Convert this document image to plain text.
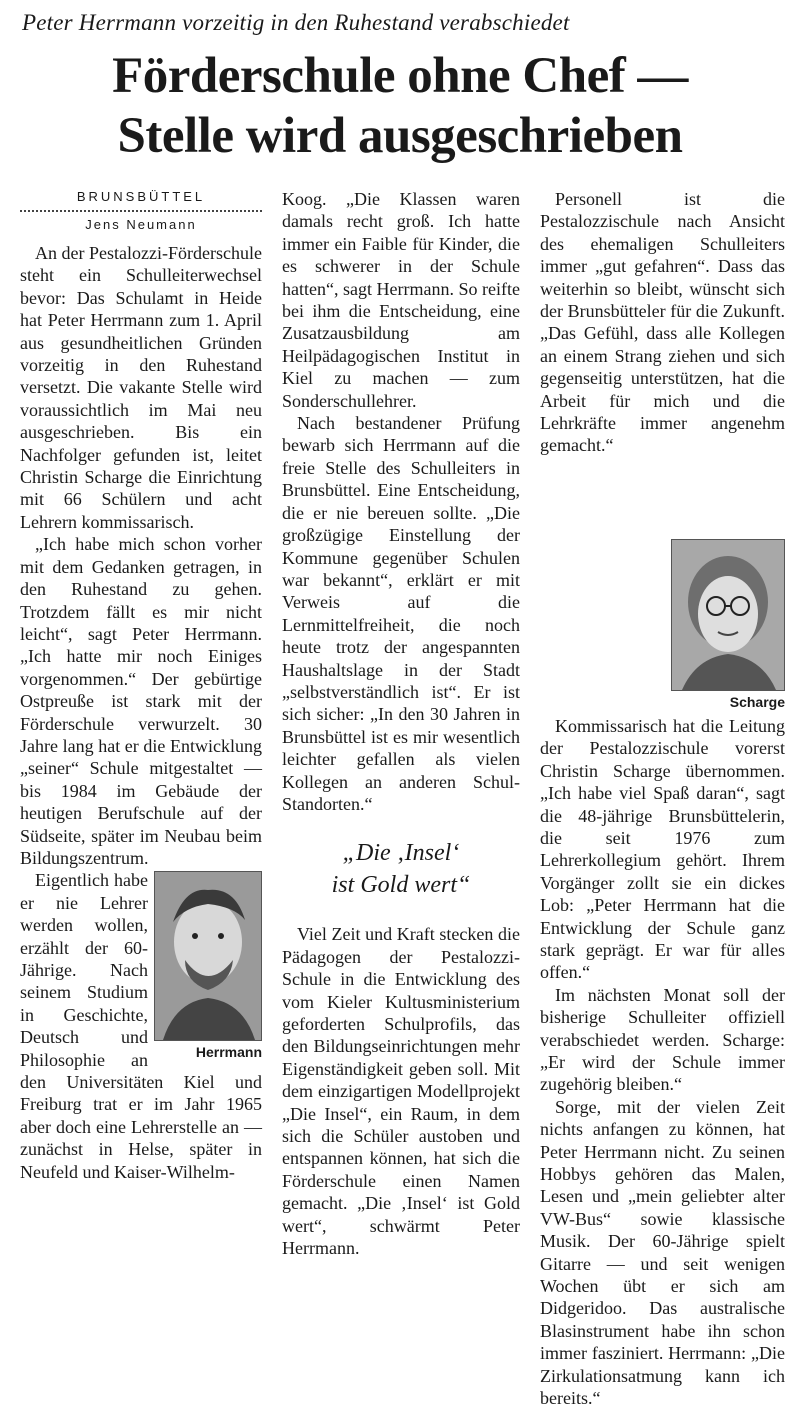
Peter Herrmann vorzeitig in den Ruhestand verabschiedet
Förderschule ohne Chef —
Stelle wird ausgeschrieben
BRUNSBÜTTEL
Jens Neumann

An der Pestalozzi-Förderschule steht ein Schulleiterwechsel bevor: Das Schulamt in Heide hat Peter Herrmann zum 1. April aus gesundheitlichen Gründen vorzeitig in den Ruhestand versetzt. Die vakante Stelle wird voraussichtlich im Mai neu ausgeschrieben. Bis ein Nachfolger gefunden ist, leitet Christin Scharge die Einrichtung mit 66 Schülern und acht Lehrern kommissarisch.

„Ich habe mich schon vorher mit dem Gedanken getragen, in den Ruhestand zu gehen. Trotzdem fällt es mir nicht leicht“, sagt Peter Herrmann. „Ich hatte mir noch Einiges vorgenommen.“ Der gebürtige Ostpreuße ist stark mit der Förderschule verwurzelt. 30 Jahre lang hat er die Entwicklung „seiner“ Schule mitgestaltet — bis 1984 im Gebäude der heutigen Berufschule auf der Südseite, später im Neubau beim Bildungszentrum.

Herrmann

Eigentlich habe er nie Lehrer werden wollen, erzählt der 60-Jährige. Nach seinem Studium in Geschichte, Deutsch und Philosophie an den Universitäten Kiel und Freiburg trat er im Jahr 1965 aber doch eine Lehrerstelle an — zunächst in Helse, später in Neufeld und Kaiser-Wilhelm-

Koog. „Die Klassen waren damals recht groß. Ich hatte immer ein Faible für Kinder, die es schwerer in der Schule hatten“, sagt Herrmann. So reifte bei ihm die Entscheidung, eine Zusatzausbildung am Heilpädagogischen Institut in Kiel zu machen — zum Sonderschullehrer.

Nach bestandener Prüfung bewarb sich Herrmann auf die freie Stelle des Schulleiters in Brunsbüttel. Eine Entscheidung, die er nie bereuen sollte. „Die großzügige Einstellung der Kommune gegenüber Schulen war bekannt“, erklärt er mit Verweis auf die Lernmittelfreiheit, die noch heute trotz der angespannten Haushaltslage in der Stadt „selbstverständlich ist“. Er ist sich sicher: „In den 30 Jahren in Brunsbüttel ist es mir wesentlich leichter gefallen als vielen Kollegen an anderen Schul-Standorten.“

„Die ‚Insel‘
ist Gold wert“

Viel Zeit und Kraft stecken die Pädagogen der Pestalozzi-Schule in die Entwicklung des vom Kieler Kultusministerium geforderten Schulprofils, das den Bildungseinrichtungen mehr Eigenständigkeit geben soll. Mit dem einzigartigen Modellprojekt „Die Insel“, ein Raum, in dem sich die Schüler austoben und entspannen können, hat sich die Förderschule einen Namen gemacht. „Die ‚Insel‘ ist Gold wert“, schwärmt Peter Herrmann.

Personell ist die Pestalozzischule nach Ansicht des ehemaligen Schulleiters immer „gut gefahren“. Dass das weiterhin so bleibt, wünscht sich der Brunsbütteler für die Zukunft. „Das Gefühl, dass alle Kollegen an einem Strang ziehen und sich gegenseitig unterstützen, hat die Arbeit für mich und die Lehrkräfte immer angenehm gemacht.“

Scharge

Kommissarisch hat die Leitung der Pestalozzischule vorerst Christin Scharge übernommen. „Ich habe viel Spaß daran“, sagt die 48-jährige Brunsbüttelerin, die seit 1976 zum Lehrerkollegium gehört. Ihrem Vorgänger zollt sie ein dickes Lob: „Peter Herrmann hat die Entwicklung der Schule ganz stark geprägt. Er war für alles offen.“

Im nächsten Monat soll der bisherige Schulleiter offiziell verabschiedet werden. Scharge: „Er wird der Schule immer zugehörig bleiben.“

Sorge, mit der vielen Zeit nichts anfangen zu können, hat Peter Herrmann nicht. Zu seinen Hobbys gehören das Malen, Lesen und „mein geliebter alter VW-Bus“ sowie klassische Musik. Der 60-Jährige spielt Gitarre — und seit wenigen Wochen übt er sich am Didgeridoo. Das australische Blasinstrument habe ihn schon immer fasziniert. Herrmann: „Die Zirkulationsatmung kann ich bereits.“
